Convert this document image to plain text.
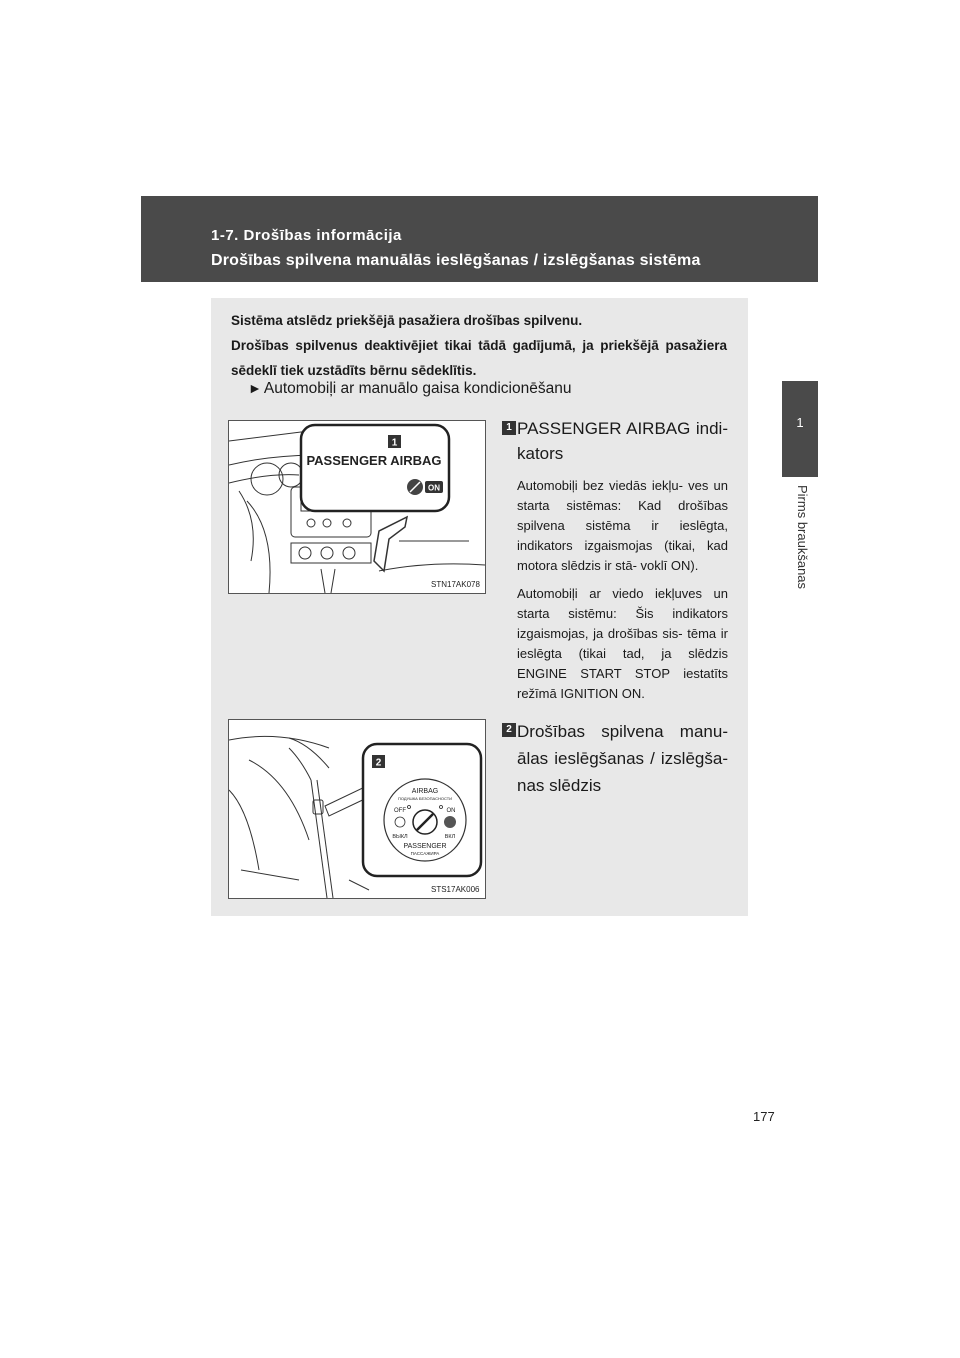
1-7. Drošības informācija
Drošības spilvena manuālās ieslēgšanas / izslēgšanas sistēma
1
Pirms braukšanas

Sistēma atslēdz priekšējā pasažiera drošības spilvenu.

Drošības spilvenus deaktivējiet tikai tādā gadījumā, ja priekšējā pasažiera sēdeklī tiek uzstādīts bērnu sēdeklītis.

► Automobiļi ar manuālo gaisa kondicionēšanu
1
PASSENGER AIRBAG
ON
STN17AK078
1 PASSENGER AIRBAG indi- kators
Automobiļi bez viedās iekļu- ves un starta sistēmas: Kad drošības spilvena sistēma ir ieslēgta, indikators izgaismojas (tikai, kad motora slēdzis ir stā- voklī ON).
Automobiļi ar viedo iekļuves un starta sistēmu: Šis indikators izgaismojas, ja drošības sis- tēma ir ieslēgta (tikai tad, ja slēdzis ENGINE START STOP iestatīts režīmā IGNITION ON.
2
AIRBAG
ПОДУШКА БЕЗОПАСНОСТИ
OFF	ON
ВЫКЛ	ВКЛ
PASSENGER
ПАССАЖИРА
STS17AK006
2 Drošības spilvena manu- ālas ieslēgšanas / izslēgša- nas slēdzis
177
